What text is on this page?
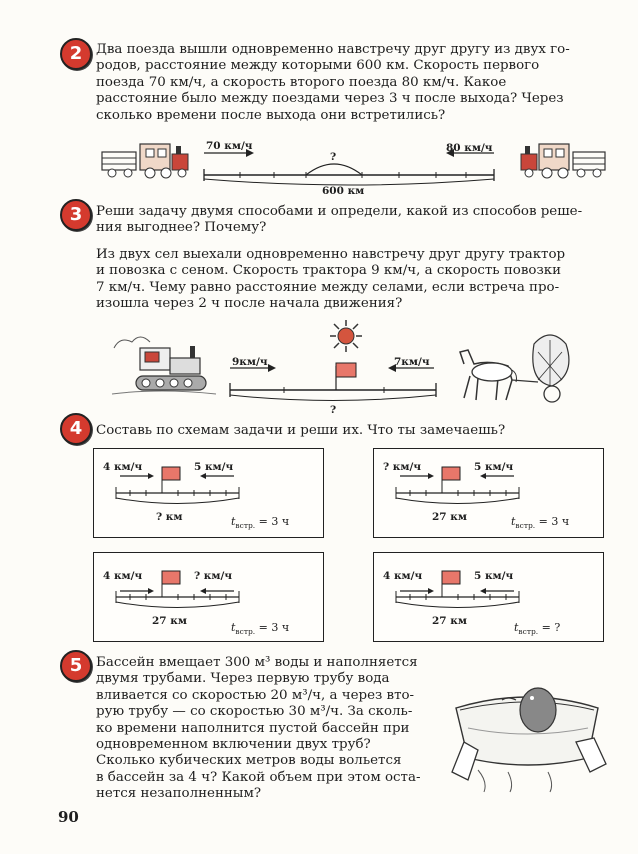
2	Два поезда вышли одновременно навстречу друг другу из двух го-
родов, расстояние между которыми 600 км. Скорость первого
поезда 70 км/ч, а скорость второго поезда 80 км/ч. Какое
расстояние было между поездами через 3 ч после выхода? Через
сколько времени после выхода они встретились?
70 км/ч	80 км/ч
?
600 км
3	Реши задачу двумя способами и определи, какой из способов реше-
ния выгоднее? Почему?
Из двух сел выехали одновременно навстречу друг другу трактор
и повозка с сеном. Скорость трактора 9 км/ч, а скорость повозки
7 км/ч. Чему равно расстояние между селами, если встреча про-
изошла через 2 ч после начала движения?
9км/ч	7км/ч
?
4	Составь по схемам задачи и реши их. Что ты замечаешь?
4 км/ч	5 км/ч
? км	$t_{встр.} = 3$ ч
? км/ч	5 км/ч
27 км	$t_{встр.} = 3$ ч
4 км/ч	? км/ч
27 км	$t_{встр.} = 3$ ч
4 км/ч	5 км/ч
27 км	$t_{встр.}$ = ?
5	Бассейн вмещает 300 м³ воды и наполняется
двумя трубами. Через первую трубу вода
вливается со скоростью 20 м³/ч, а через вто-
рую трубу — со скоростью 30 м³/ч. За сколь-
ко времени наполнится пустой бассейн при
одновременном включении двух труб?
Сколько кубических метров воды вольется
в бассейн за 4 ч? Какой объем при этом оста-
нется незаполненным?
90
